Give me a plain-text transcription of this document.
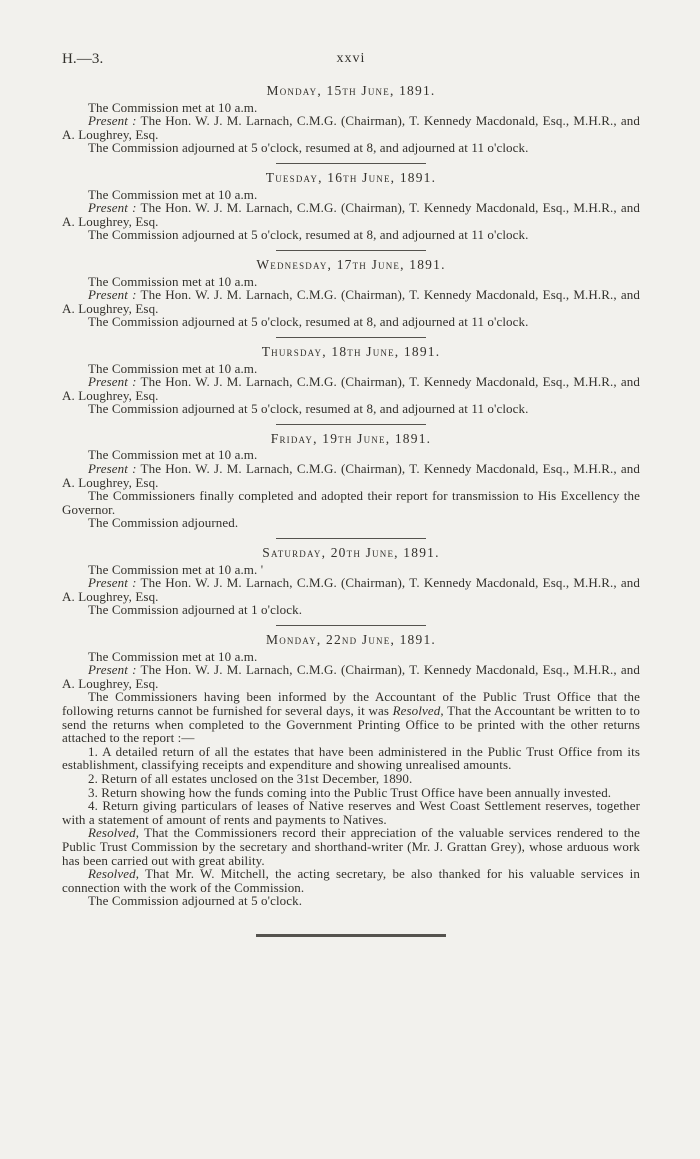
H.—3.	xxvi
Monday, 15th June, 1891.

The Commission met at 10 a.m.

Present : The Hon. W. J. M. Larnach, C.M.G. (Chairman), T. Kennedy Macdonald, Esq., M.H.R., and A. Loughrey, Esq.

The Commission adjourned at 5 o'clock, resumed at 8, and adjourned at 11 o'clock.

Tuesday, 16th June, 1891.

The Commission met at 10 a.m.

Present : The Hon. W. J. M. Larnach, C.M.G. (Chairman), T. Kennedy Macdonald, Esq., M.H.R., and A. Loughrey, Esq.

The Commission adjourned at 5 o'clock, resumed at 8, and adjourned at 11 o'clock.

Wednesday, 17th June, 1891.

The Commission met at 10 a.m.

Present : The Hon. W. J. M. Larnach, C.M.G. (Chairman), T. Kennedy Macdonald, Esq., M.H.R., and A. Loughrey, Esq.

The Commission adjourned at 5 o'clock, resumed at 8, and adjourned at 11 o'clock.

Thursday, 18th June, 1891.

The Commission met at 10 a.m.

Present : The Hon. W. J. M. Larnach, C.M.G. (Chairman), T. Kennedy Macdonald, Esq., M.H.R., and A. Loughrey, Esq.

The Commission adjourned at 5 o'clock, resumed at 8, and adjourned at 11 o'clock.

Friday, 19th June, 1891.

The Commission met at 10 a.m.

Present : The Hon. W. J. M. Larnach, C.M.G. (Chairman), T. Kennedy Macdonald, Esq., M.H.R., and A. Loughrey, Esq.

The Commissioners finally completed and adopted their report for transmission to His Excellency the Governor.

The Commission adjourned.

Saturday, 20th June, 1891.

The Commission met at 10 a.m. '

Present : The Hon. W. J. M. Larnach, C.M.G. (Chairman), T. Kennedy Macdonald, Esq., M.H.R., and A. Loughrey, Esq.

The Commission adjourned at 1 o'clock.

Monday, 22nd June, 1891.

The Commission met at 10 a.m.

Present : The Hon. W. J. M. Larnach, C.M.G. (Chairman), T. Kennedy Macdonald, Esq., M.H.R., and A. Loughrey, Esq.

The Commissioners having been informed by the Accountant of the Public Trust Office that the following returns cannot be furnished for several days, it was Resolved, That the Accountant be written to to send the returns when completed to the Government Printing Office to be printed with the other returns attached to the report :—

1. A detailed return of all the estates that have been administered in the Public Trust Office from its establishment, classifying receipts and expenditure and showing unrealised amounts.

2. Return of all estates unclosed on the 31st December, 1890.

3. Return showing how the funds coming into the Public Trust Office have been annually invested.

4. Return giving particulars of leases of Native reserves and West Coast Settlement reserves, together with a statement of amount of rents and payments to Natives.

Resolved, That the Commissioners record their appreciation of the valuable services rendered to the Public Trust Commission by the secretary and shorthand-writer (Mr. J. Grattan Grey), whose arduous work has been carried out with great ability.

Resolved, That Mr. W. Mitchell, the acting secretary, be also thanked for his valuable services in connection with the work of the Commission.

The Commission adjourned at 5 o'clock.
